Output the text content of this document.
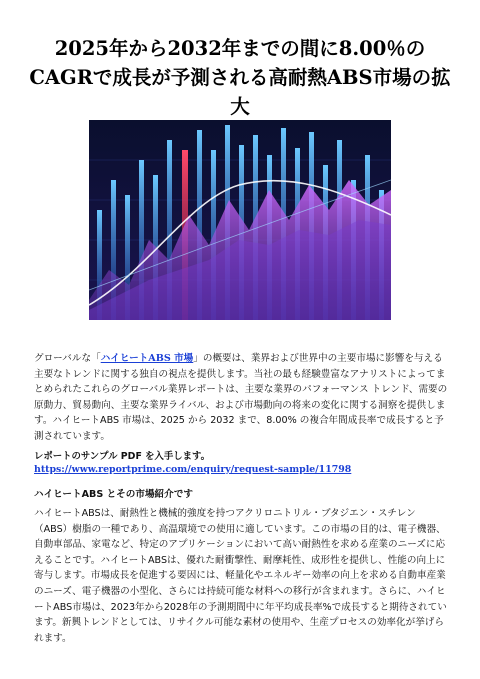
2025年から2032年までの間に8.00％のCAGRで成長が予測される高耐熱ABS市場の拡大

グローバルな「ハイヒートABS 市場」の概要は、業界および世界中の主要市場に影響を与える主要なトレンドに関する独自の視点を提供します。当社の最も経験豊富なアナリストによってまとめられたこれらのグローバル業界レポートは、主要な業界のパフォーマンス トレンド、需要の原動力、貿易動向、主要な業界ライバル、および市場動向の将来の変化に関する洞察を提供します。ハイヒートABS 市場は、2025 から 2032 まで、8.00% の複合年間成長率で成長すると予測されています。

レポートのサンプル PDF を入手します。 https://www.reportprime.com/enquiry/request-sample/11798

ハイヒートABS とその市場紹介です

ハイヒートABSは、耐熱性と機械的強度を持つアクリロニトリル・ブタジエン・スチレン（ABS）樹脂の一種であり、高温環境での使用に適しています。この市場の目的は、電子機器、自動車部品、家電など、特定のアプリケーションにおいて高い耐熱性を求める産業のニーズに応えることです。ハイヒートABSは、優れた耐衝撃性、耐摩耗性、成形性を提供し、性能の向上に寄与します。市場成長を促進する要因には、軽量化やエネルギー効率の向上を求める自動車産業のニーズ、電子機器の小型化、さらには持続可能な材料への移行が含まれます。さらに、ハイヒートABS市場は、2023年から2028年の予測期間中に年平均成長率%で成長すると期待されています。新興トレンドとしては、リサイクル可能な素材の使用や、生産プロセスの効率化が挙げられます。
